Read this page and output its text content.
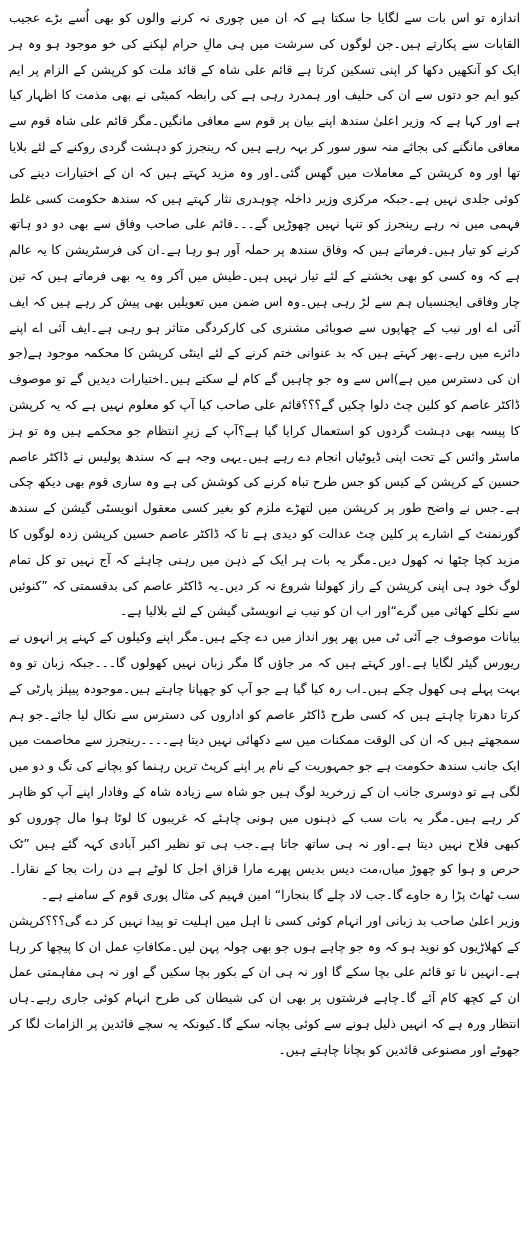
اندازہ تو اس بات سے لگایا جا سکتا ہے کہ ان میں چوری نہ کرنے والوں کو بھی اُسے بڑے عجیب القابات سے پکارتے ہیں۔جن لوگوں کی سرشت میں ہی مالِ حرام لپکنے کی خو موجود ہو وہ ہر ایک کو آنکھیں دکھا کر اپنی تسکین کرتا ہے قائم علی شاہ کے قائد ملت کو کرپشن کے الزام پر ایم کیو ایم جو دتوں سے ان کی حلیف اور ہمدرد رہی ہے کی رابطہ کمیٹی نے بھی مذمت کا اظہار کیا ہے اور کہا ہے کہ وزیر اعلیٰ سندھ اپنے بیان پر قوم سے معافی مانگیں۔مگر قائم علی شاہ قوم سے معافی مانگنے کی بجائے منہ سور سور کر بہہ رہے ہیں کہ رینجرز کو دہشت گردی روکنے کے لئے بلایا تھا اور وہ کرپشن کے معاملات میں گھس گئی۔اور وہ مزید کہتے ہیں کہ ان کے اختیارات دینے کی کوئی جلدی نہیں ہے۔جبکہ مرکزی وزیر داخلہ چوہدری نثار کہتے ہیں کہ سندھ حکومت کسی غلط فہمی میں نہ رہے رینجرز کو تنہا نہیں چھوڑیں گے۔۔۔قائم علی صاحب وفاق سے بھی دو دو ہاتھ کرنے کو تیار ہیں۔فرماتے ہیں کہ وفاق سندھ پر حملہ آور ہو رہا ہے۔ان کی فرسٹریشن کا یہ عالم ہے کہ وہ کسی کو بھی بخشنے کے لئے تیار نہیں ہیں۔طیش میں آکر وہ یہ بھی فرماتے ہیں کہ تین چار وفاقی ایجنسیاں ہم سے لڑ رہی ہیں۔وہ اس ضمن میں تعویلیں بھی پیش کر رہے ہیں کہ ایف آئی اے اور نیب کے چھاپوں سے صوبائی مشنری کی کارکردگی متاثر ہو رہی ہے۔ایف آئی اے اپنے دائرے میں رہے۔پھر کہتے ہیں کہ بد عنوانی ختم کرنے کے لئے اینٹی کرپشن کا محکمہ موجود ہے(جو ان کی دسترس میں ہے)اس سے وہ جو چاہیں گے کام لے سکتے ہیں۔اختیارات دیدیں گے تو موصوف ڈاکٹر عاصم کو کلین چٹ دلوا چکیں گے؟؟؟قائم علی صاحب کیا آپ کو معلوم نہیں ہے کہ یہ کرپشن کا پیسہ بھی دہشت گردوں کو استعمال کرایا گیا ہے؟آپ کے زیرِ انتظام جو محکمے ہیں وہ تو ہز ماسٹر وائس کے تحت اپنی ڈیوٹیاں انجام دے رہے ہیں۔یہی وجہ ہے کہ سندھ پولیس نے ڈاکٹر عاصم حسین کے کرپشن کے کیس کو جس طرح تباہ کرنے کی کوشش کی ہے وہ ساری قوم بھی دیکھ چکی ہے۔جس نے واضح طور پر کرپشن میں لتھڑے ملزم کو بغیر کسی معقول انویسٹی گیشن کے سندھ گورنمنٹ کے اشارے پر کلین چٹ عدالت کو دیدی ہے تا کہ ڈاکٹر عاصم حسین کرپشن زدہ لوگوں کا مزید کچا چٹھا نہ کھول دیں۔مگر یہ بات ہر ایک کے ذہن میں رہنی چاہئے کہ آج نہیں تو کل تمام لوگ خود ہی اپنی کرپشن کے راز کھولنا شروع نہ کر دیں۔یہ ڈاکٹر عاصم کی بدقسمتی کہ ”کنوئیں سے نکلے کھائی میں گرے“اور اب ان کو نیب نے انویسٹی گیشن کے لئے بلالیا ہے۔

بیانات موصوف جے آئی ٹی میں پھر پور انداز میں دے چکے ہیں۔مگر اپنے وکیلوں کے کہنے پر انہوں نے ریورس گیئر لگایا ہے۔اور کہتے ہیں کہ مر جاؤں گا مگر زبان نہیں کھولوں گا۔۔۔جبکہ زبان تو وہ بہت پہلے ہی کھول چکے ہیں۔اب رہ کیا گیا ہے جو آپ کو چھپانا چاہتے ہیں۔موجودہ پیپلز پارٹی کے کرتا دھرتا چاہتے ہیں کہ کسی طرح ڈاکٹر عاصم کو اداروں کی دسترس سے نکال لیا جائے۔جو ہم سمجھتے ہیں کہ ان کی الوقت ممکنات میں سے دکھائی نہیں دیتا ہے۔۔۔۔رینجرز سے مخاصمت میں ایک جانب سندھ حکومت ہے جو جمہوریت کے نام پر اپنے کرپٹ ترین رہنما کو بچانے کی تگ و دو میں لگی ہے تو دوسری جانب ان کے زرخرید لوگ ہیں جو شاہ سے زیادہ شاہ کے وفادار اپنے آپ کو ظاہر کر رہے ہیں۔مگر یہ بات سب کے ذہنوں میں ہونی چاہئے کہ غریبوں کا لوٹا ہوا مال چوروں کو کبھی فلاح نہیں دیتا ہے۔اور نہ ہی ساتھ جاتا ہے۔جب ہی تو نظیر اکبر آبادی کہہ گئے ہیں ”ٹک حرص و ہوا کو چھوڑ میاں،مت دیس بدیس پھرے مارا قزاق اجل کا لوٹے ہے دن رات بجا کے نقارا۔سب ٹھاٹ پڑا رہ جاوے گا۔جب لاد چلے گا بنجارا“ امین فہیم کی مثال پوری قوم کے سامنے ہے۔

وزیر اعلیٰ صاحب بد زبانی اور انہام کوئی کسی نا اہل میں اہلیت تو پیدا نہیں کر دے گی؟؟؟کرپشن کے کھلاڑیوں کو نوید ہو کہ وہ جو چاہے ہوں جو بھی چولہ پہن لیں۔مکافاتِ عمل ان کا پیچھا کر رہا ہے۔انہیں نا تو قائم علی بچا سکے گا اور نہ ہی ان کے بکور بچا سکیں گے اور نہ ہی مفاہمتی عمل ان کے کچھ کام آئے گا۔چاہے فرشتوں پر بھی ان کی شیطان کی طرح انہام کوئی جاری رہے۔ہاں انتظار ورہ ہے کہ انہیں ذلیل ہونے سے کوئی بچانہ سکے گا۔کیونکہ یہ سچے قائدین پر الزامات لگا کر جھوٹے اور مصنوعی قائدین کو بچانا چاہتے ہیں۔
